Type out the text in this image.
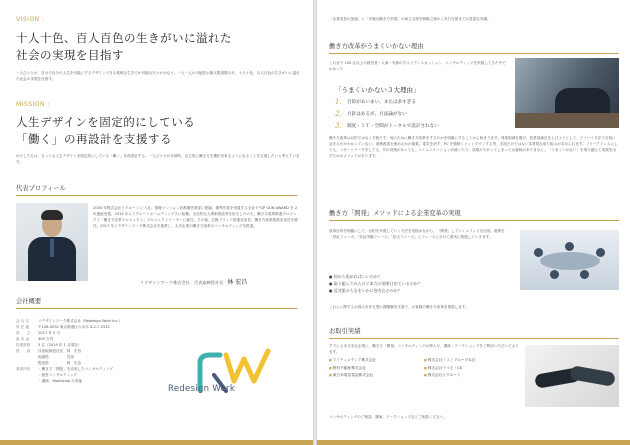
VISION :
十人十色、百人百色の生きがいに溢れた
社会の実現を目指す
一人ひとりが、自分で自分の人生を可能にするデザインできる柔軟な生き方が可能な日々がかなう。一人一人の可能性が最大限発揮され、十人十色、百人百色の生きがいに溢れた社会の実現を目指す。
MISSION :
人生デザインを固定的にしている
「働く」の再設計を支援する
わたしたちは、もっとも人生デザインを固定的にしている「働く」を再設計する。一人ひとりが自律的、自主的に働き方を選択出来るようになることを支援したいと考えています。
代表プロフィール
2005 年株式会社リクルート に入社。情報マンション首都圏営業部に配属。優秀営業を受賞する全社で"GP GUN AWARD を 2 年連続受賞。2014 年にリクルートホールディングスに転籍。全社的な人事制度改革を担当したのち、働き方改革推進プロジェクト「働き方変革プロジェクト」プロジェクトリーダーに就任。その後、広報ブランド推進室室長、働き方改革推進室室長を歴任。2017 年リデザインワーク株式会社を創業し、大手企業の働き方改革のコンサルティングを推進。
リデザインワーク株式会社　代表取締役社長 林 宏昌
会社概要
会 社 名	リデザインワーク株式会社（Redesign Work Inc.）
所 在 地	〒106-0032 東京都港区六本木 4-2-7-2512
設　　立	2017 年 5 月
資 本 金	300 万円
従業員数	5 名（2019 年 1 月現在）
役　　員	代表取締役社長　林　宏昌
取締役　　　　　宮部
監査役　　　　　林　宏由
事業内容	・働き方「開発」を活用したコンサルティング
・経営コンサルティング
・講演、Workshop の実施
Redesign Work
「企業成長の加速」と「多様な働き方実現」の両立支援を戦略立案から実行支援までの豊富な実績。
働き方改革がうまくいかない理由
これまで 100 社以上の経営者・人事・実務の方々とディスカッション、コンサルティングを実施してきた中でわかった
「うまくいかない３大理由」
1.	目的があいまい、または多すぎる
2.	方針はあるが、方法論がない
3.	制度・ＩＴ・空間がトータルで設計されない
働き方改革は目的ではなく手段です。何のために働き方改革をするのかを明確にすることから始まります。残業削減を掲げ、従業員満足を上げようとして、どういう方法で全員に活きるかがわかっていない。業務改善を進めるかが重要。電気を消す、PC を強制シャットダウンする等、手段だけではない本質的な取り組みが求められます。フリーアドレスにしても、リモートワークをしても、ITの効果があっても、コミュニケーションが減ったり、成果が下がってしまっては意味がありません。「うまくいかない」を乗り越えて成果を出すためのメソッドがあります。
働き方「開発」メソッドによる企業変革の実現
改革目的を明確にして、目的を実現していく方法を見極めながら、「開発」していくメソッドを活用。施策を「設計フェーズ」「実証実験フェーズ」「拡大フェーズ」とフェーズに分けて着実に推進していきます。
● 何から始めればいいのか？
● 取り組んでみたけど本当の効果は出ているのか？
● 反対派の人もをいかに巻き込むのか？
これらに関するお悩みを伴走型の課題解決支援で、お客様の働き方改革を推進します。
お取引実績
すでにさまざまな企業に、働き方「開発」コンサルティングの導入や、講演・ワークショップをご利用いただいております。
■ アイティメディア株式会社	■ 株式会社ミスミグループ本社
■ 野村不動産株式会社	■ 株式会社ドコモ・CS
■ 東日本電信電話株式会社	■ 株式会社リクルート
コンサルティングのご相談、講演、ワークショップなどご相談ください。
